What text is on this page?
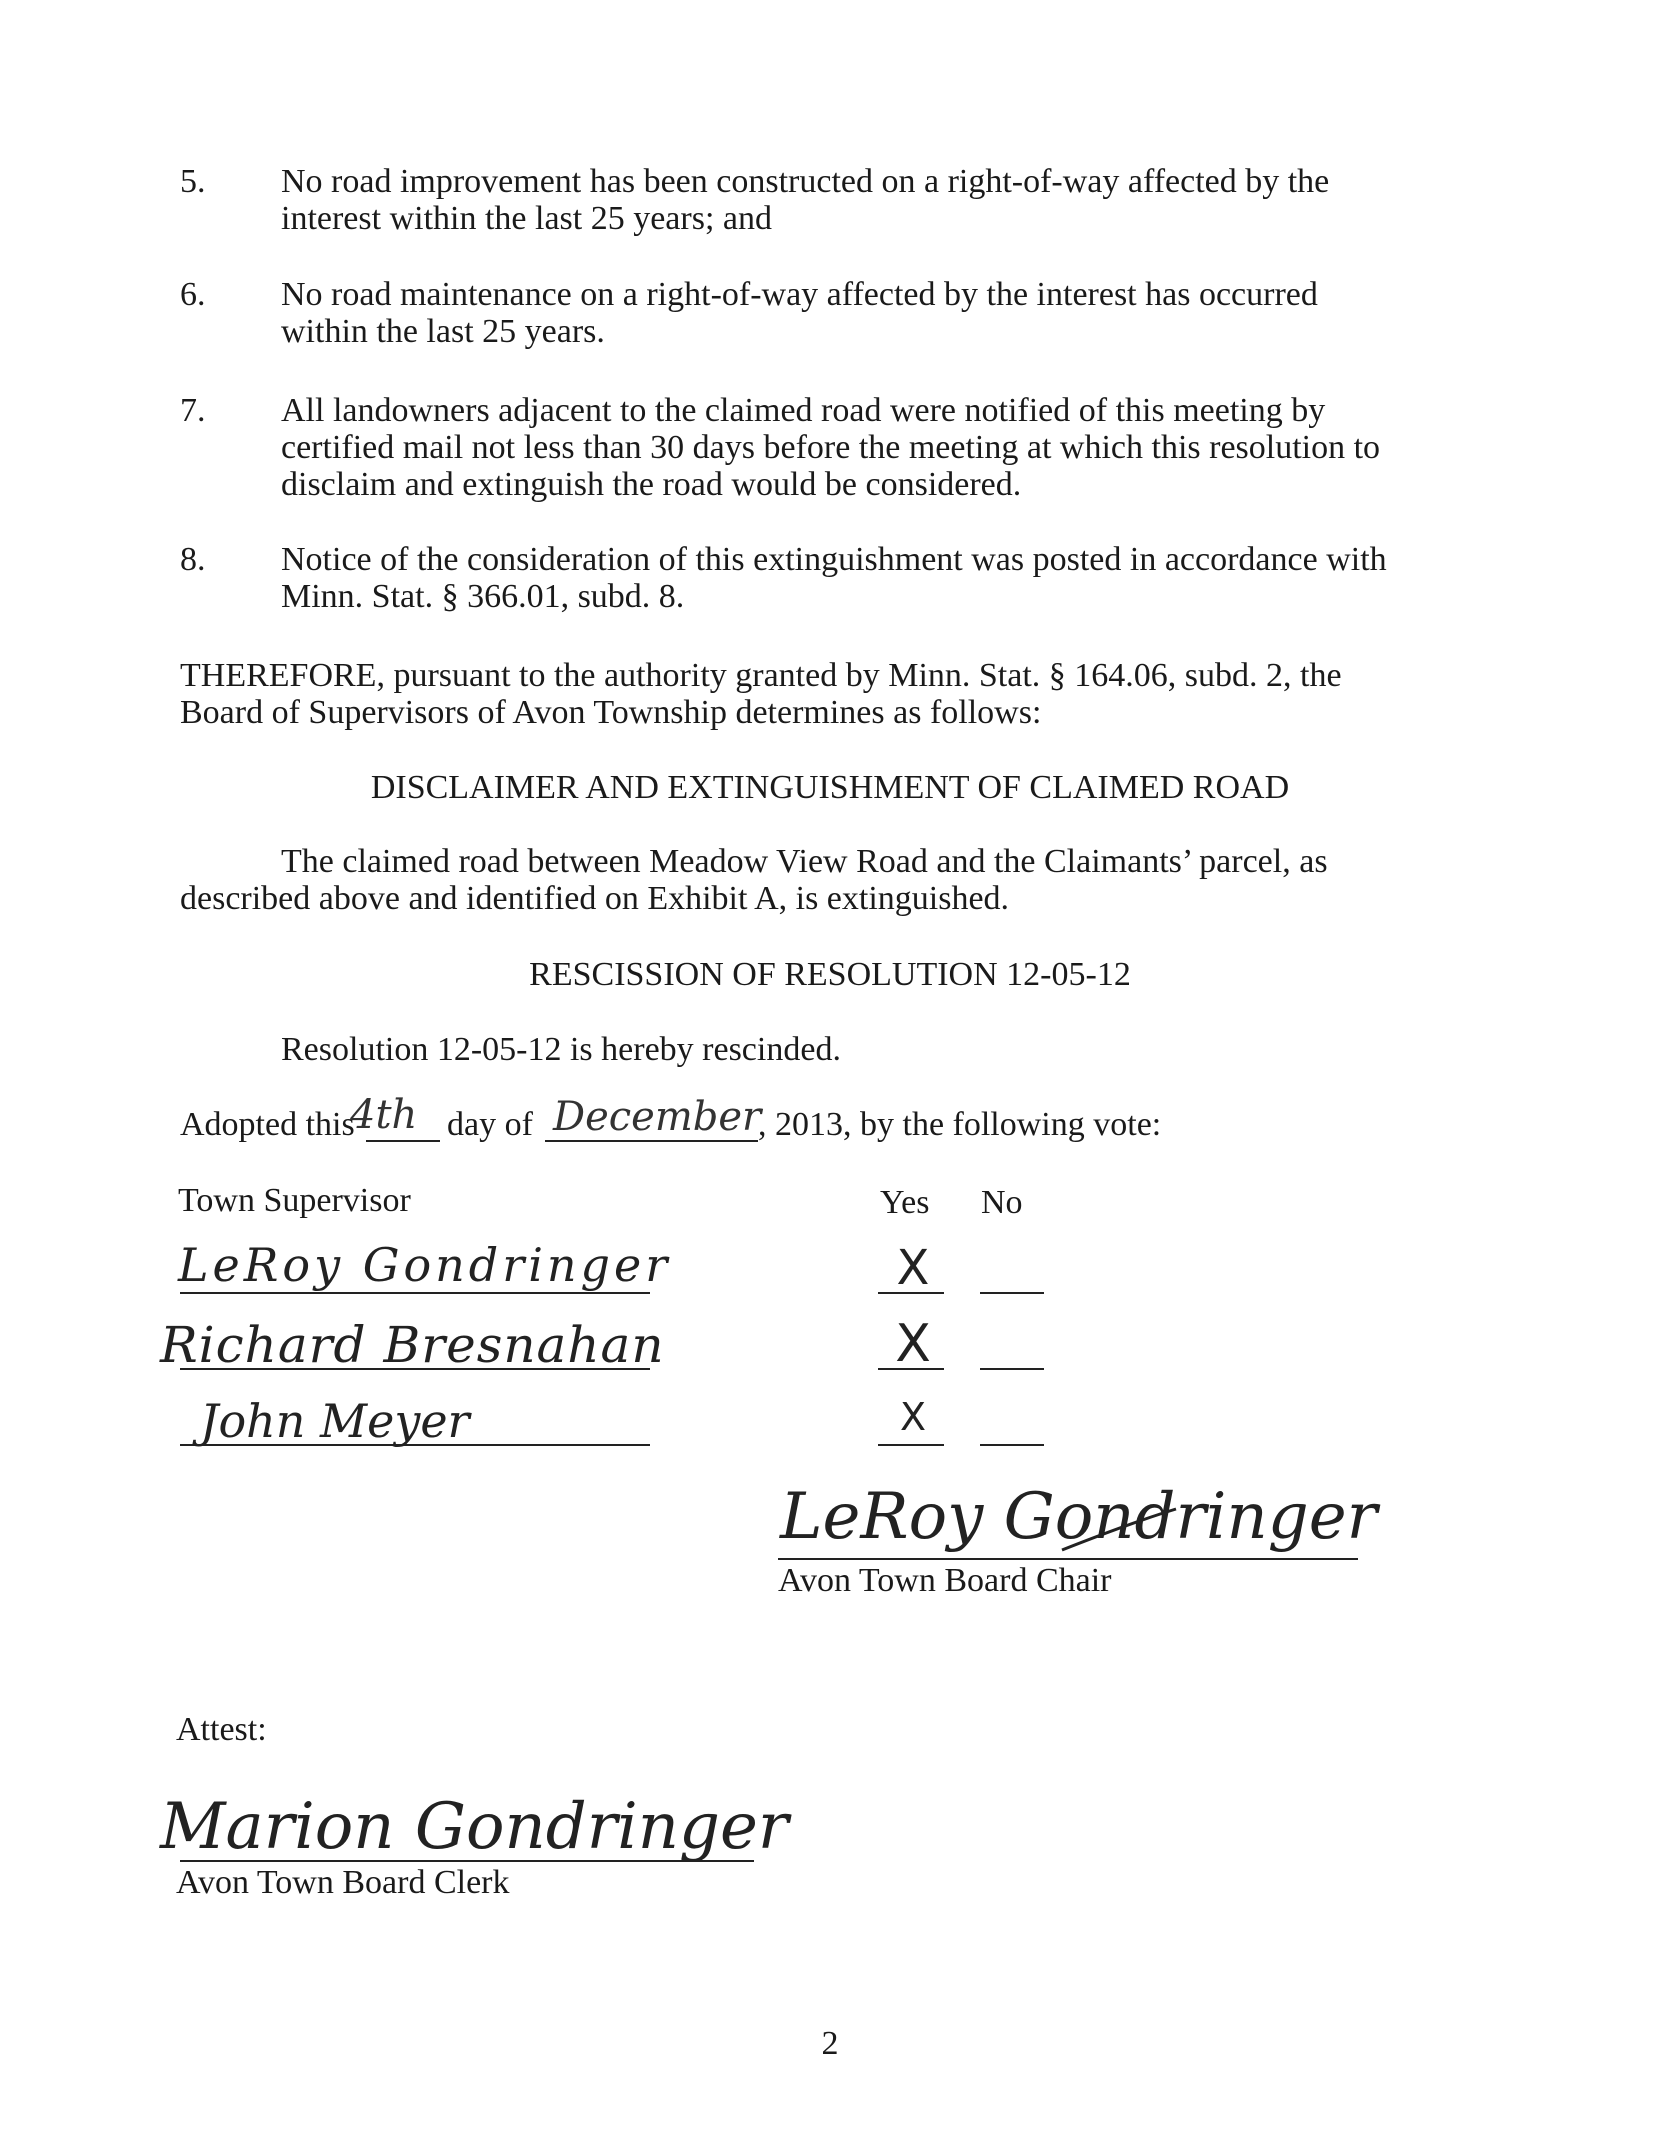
5. No road improvement has been constructed on a right-of-way affected by the
interest within the last 25 years; and
6. No road maintenance on a right-of-way affected by the interest has occurred
within the last 25 years.
7. All landowners adjacent to the claimed road were notified of this meeting by
certified mail not less than 30 days before the meeting at which this resolution to
disclaim and extinguish the road would be considered.
8. Notice of the consideration of this extinguishment was posted in accordance with
Minn. Stat. § 366.01, subd. 8.
THEREFORE, pursuant to the authority granted by Minn. Stat. § 164.06, subd. 2, the
Board of Supervisors of Avon Township determines as follows:
DISCLAIMER AND EXTINGUISHMENT OF CLAIMED ROAD
The claimed road between Meadow View Road and the Claimants’ parcel, as
described above and identified on Exhibit A, is extinguished.
RESCISSION OF RESOLUTION 12-05-12
Resolution 12-05-12 is hereby rescinded.
Adopted this
4th day of December
, 2013, by the following vote:
Town Supervisor	Yes No
LeRoy Gondringer	X
Richard Bresnahan	X
John Meyer	X
LeRoy Gondringer
Avon Town Board Chair
Attest:
Marion Gondringer
Avon Town Board Clerk
2
